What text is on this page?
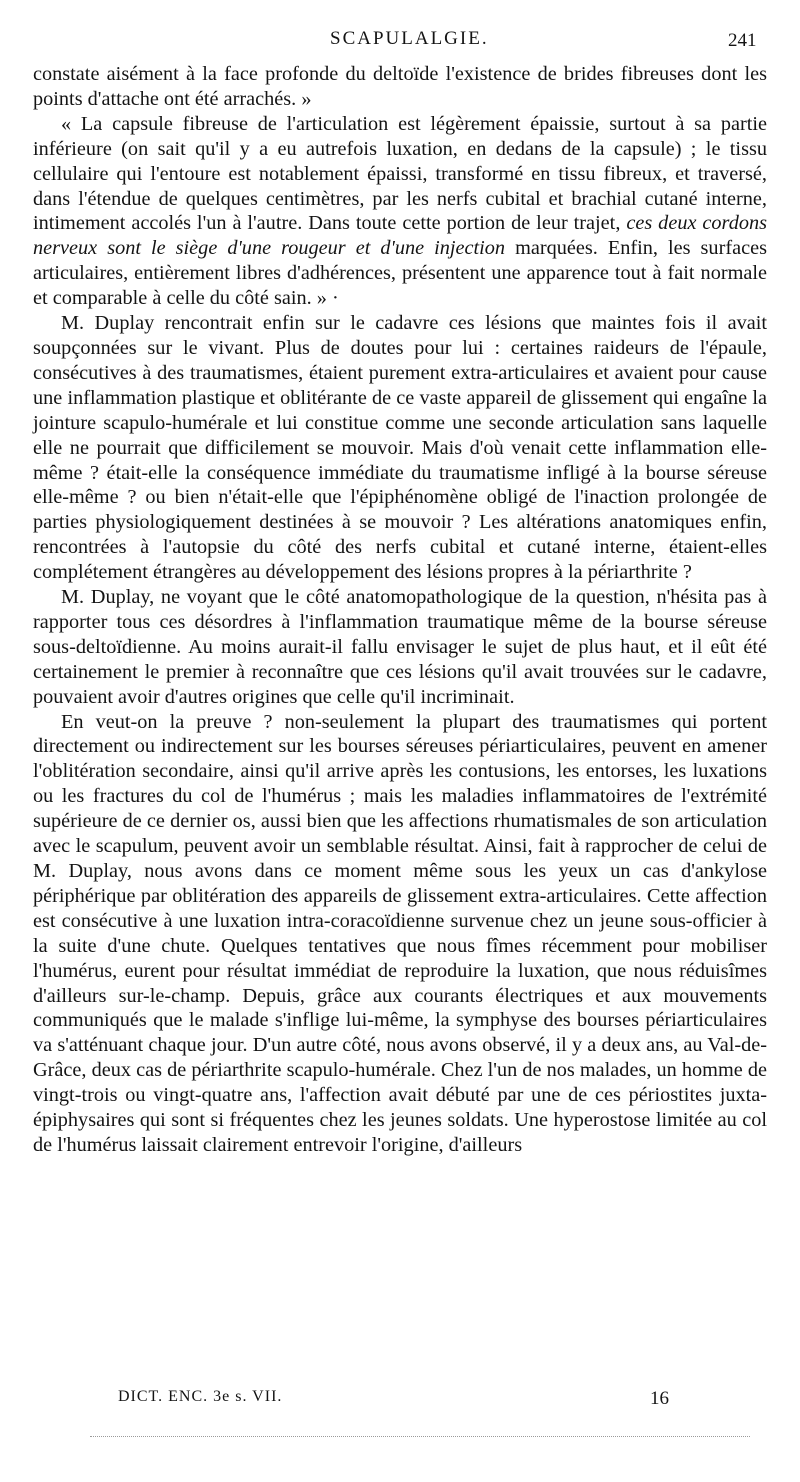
SCAPULALGIE.	241

constate aisément à la face profonde du deltoïde l'existence de brides fibreuses dont les points d'attache ont été arrachés. »

« La capsule fibreuse de l'articulation est légèrement épaissie, surtout à sa partie inférieure (on sait qu'il y a eu autrefois luxation, en dedans de la capsule) ; le tissu cellulaire qui l'entoure est notablement épaissi, transformé en tissu fibreux, et traversé, dans l'étendue de quelques centimètres, par les nerfs cubital et brachial cutané interne, intimement accolés l'un à l'autre. Dans toute cette portion de leur trajet, ces deux cordons nerveux sont le siège d'une rougeur et d'une injection marquées. Enfin, les surfaces articulaires, entièrement libres d'adhérences, présentent une apparence tout à fait normale et comparable à celle du côté sain. » ·

M. Duplay rencontrait enfin sur le cadavre ces lésions que maintes fois il avait soupçonnées sur le vivant. Plus de doutes pour lui : certaines raideurs de l'épaule, consécutives à des traumatismes, étaient purement extra-articulaires et avaient pour cause une inflammation plastique et oblitérante de ce vaste appareil de glissement qui engaîne la jointure scapulo-humérale et lui constitue comme une seconde articulation sans laquelle elle ne pourrait que difficilement se mouvoir. Mais d'où venait cette inflammation elle-même ? était-elle la conséquence immédiate du traumatisme infligé à la bourse séreuse elle-même ? ou bien n'était-elle que l'épiphénomène obligé de l'inaction prolongée de parties physiologiquement destinées à se mouvoir ? Les altérations anatomiques enfin, rencontrées à l'autopsie du côté des nerfs cubital et cutané interne, étaient-elles complétement étrangères au développement des lésions propres à la périarthrite ?

M. Duplay, ne voyant que le côté anatomopathologique de la question, n'hésita pas à rapporter tous ces désordres à l'inflammation traumatique même de la bourse séreuse sous-deltoïdienne. Au moins aurait-il fallu envisager le sujet de plus haut, et il eût été certainement le premier à reconnaître que ces lésions qu'il avait trouvées sur le cadavre, pouvaient avoir d'autres origines que celle qu'il incriminait.

En veut-on la preuve ? non-seulement la plupart des traumatismes qui portent directement ou indirectement sur les bourses séreuses périarticulaires, peuvent en amener l'oblitération secondaire, ainsi qu'il arrive après les contusions, les entorses, les luxations ou les fractures du col de l'humérus ; mais les maladies inflammatoires de l'extrémité supérieure de ce dernier os, aussi bien que les affections rhumatismales de son articulation avec le scapulum, peuvent avoir un semblable résultat. Ainsi, fait à rapprocher de celui de M. Duplay, nous avons dans ce moment même sous les yeux un cas d'ankylose périphérique par oblitération des appareils de glissement extra-articulaires. Cette affection est consécutive à une luxation intra-coracoïdienne survenue chez un jeune sous-officier à la suite d'une chute. Quelques tentatives que nous fîmes récemment pour mobiliser l'humérus, eurent pour résultat immédiat de reproduire la luxation, que nous réduisîmes d'ailleurs sur-le-champ. Depuis, grâce aux courants électriques et aux mouvements communiqués que le malade s'inflige lui-même, la symphyse des bourses périarticulaires va s'atténuant chaque jour. D'un autre côté, nous avons observé, il y a deux ans, au Val-de-Grâce, deux cas de périarthrite scapulo-humérale. Chez l'un de nos malades, un homme de vingt-trois ou vingt-quatre ans, l'affection avait débuté par une de ces périostites juxta-épiphysaires qui sont si fréquentes chez les jeunes soldats. Une hyperostose limitée au col de l'humérus laissait clairement entrevoir l'origine, d'ailleurs

DICT. ENC. 3e s. VII.	16
